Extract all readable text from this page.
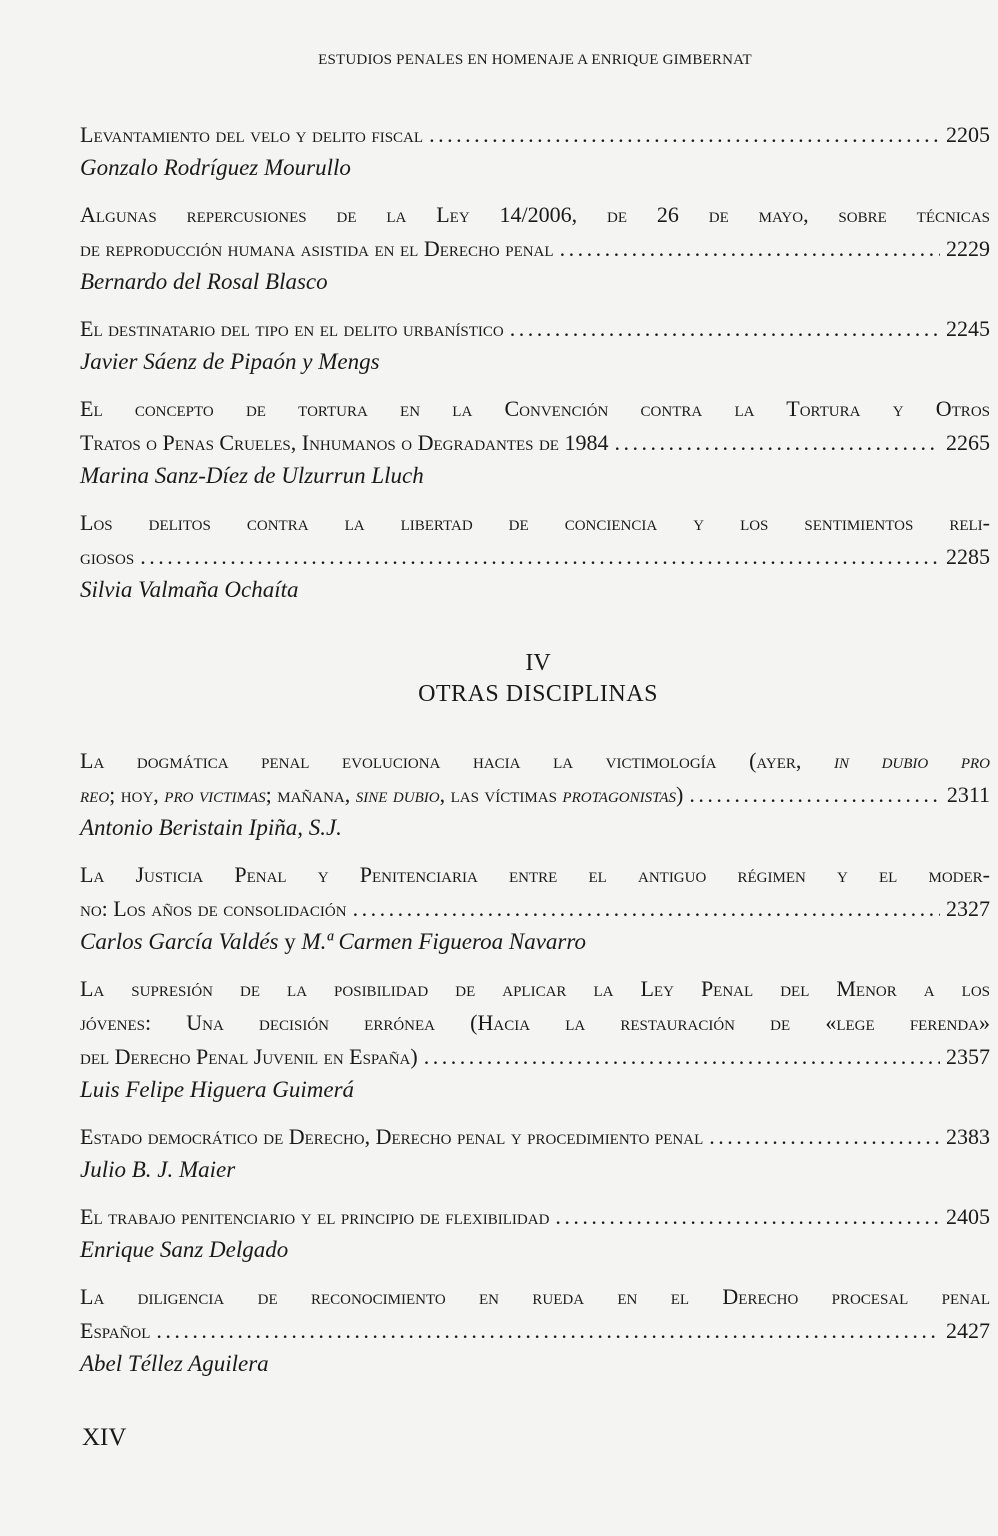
ESTUDIOS PENALES EN HOMENAJE A ENRIQUE GIMBERNAT
Levantamiento del velo y delito fiscal . . .	2205
Gonzalo Rodríguez Mourullo
Algunas repercusiones de la Ley 14/2006, de 26 de mayo, sobre técnicas
de reproducción humana asistida en el Derecho penal . . .	2229
Bernardo del Rosal Blasco
El destinatario del tipo en el delito urbanístico . . .	2245
Javier Sáenz de Pipaón y Mengs
El concepto de tortura en la Convención contra la Tortura y Otros
Tratos o Penas Crueles, Inhumanos o Degradantes de 1984 . . .	2265
Marina Sanz-Díez de Ulzurrun Lluch
Los delitos contra la libertad de conciencia y los sentimientos reli-
giosos . . .	2285
Silvia Valmaña Ochaíta
IV
OTRAS DISCIPLINAS
La dogmática penal evoluciona hacia la victimología (ayer, in dubio pro
reo; hoy, pro victimas; mañana, sine dubio, las víctimas protagonistas) . . .	2311
Antonio Beristain Ipiña, S.J.
La Justicia Penal y Penitenciaria entre el antiguo régimen y el moder-
no: Los años de consolidación . . .	2327
Carlos García Valdés y M.ª Carmen Figueroa Navarro
La supresión de la posibilidad de aplicar la Ley Penal del Menor a los
jóvenes: Una decisión errónea (Hacia la restauración de «lege ferenda»
del Derecho Penal Juvenil en España) . . .	2357
Luis Felipe Higuera Guimerá
Estado democrático de Derecho, Derecho penal y procedimiento penal . . .	2383
Julio B. J. Maier
El trabajo penitenciario y el principio de flexibilidad . . .	2405
Enrique Sanz Delgado
La diligencia de reconocimiento en rueda en el Derecho procesal penal
Español . . .	2427
Abel Téllez Aguilera
XIV
